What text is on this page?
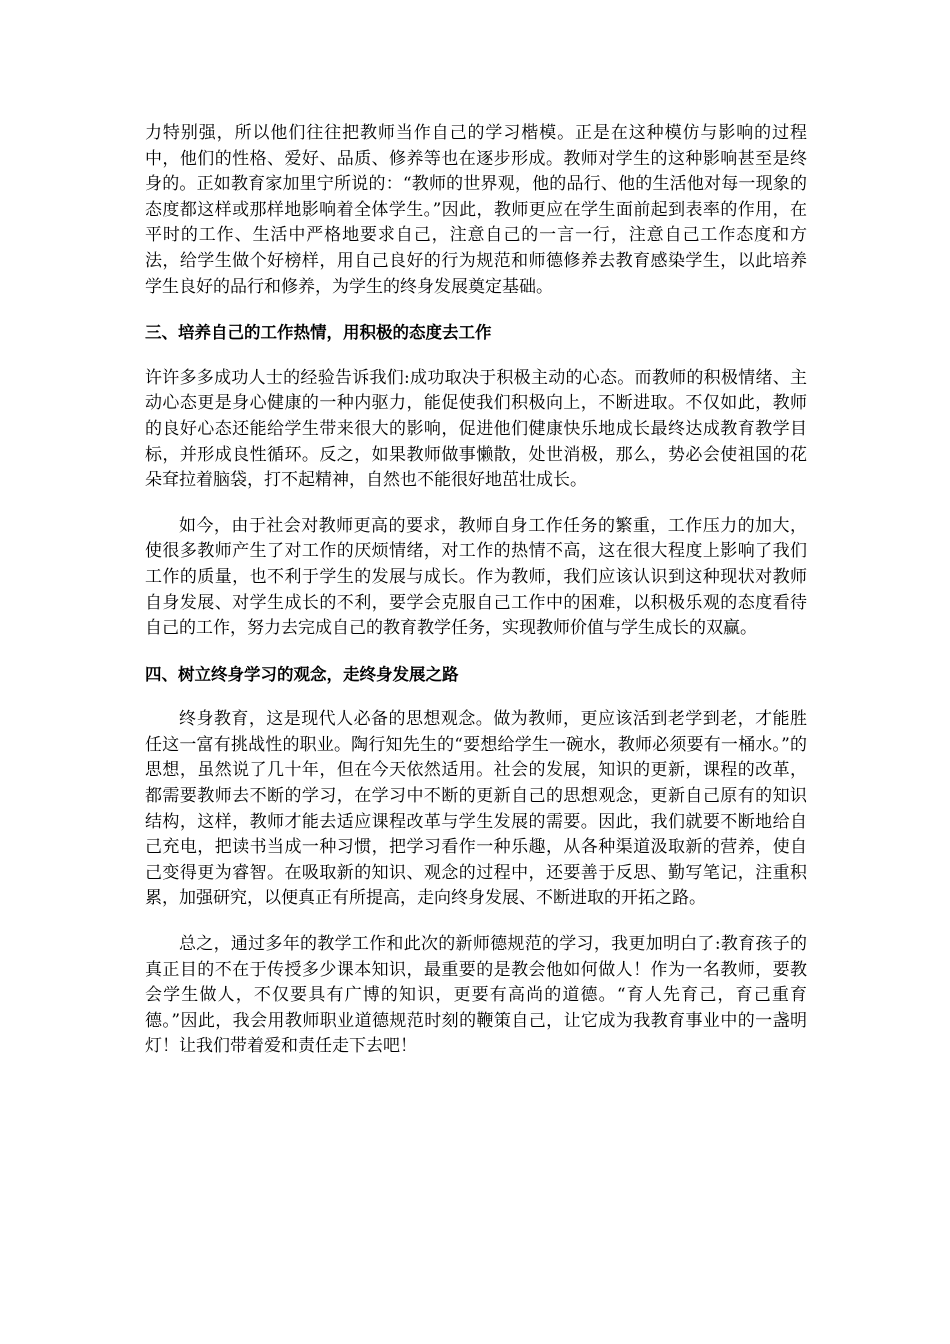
力特别强，所以他们往往把教师当作自己的学习楷模。正是在这种模仿与影响的过程中，他们的性格、爱好、品质、修养等也在逐步形成。教师对学生的这种影响甚至是终身的。正如教育家加里宁所说的：“教师的世界观，他的品行、他的生活他对每一现象的态度都这样或那样地影响着全体学生。”因此，教师更应在学生面前起到表率的作用，在平时的工作、生活中严格地要求自己，注意自己的一言一行，注意自己工作态度和方法，给学生做个好榜样，用自己良好的行为规范和师德修养去教育感染学生，以此培养学生良好的品行和修养，为学生的终身发展奠定基础。

三、培养自己的工作热情，用积极的态度去工作

许许多多成功人士的经验告诉我们:成功取决于积极主动的心态。而教师的积极情绪、主动心态更是身心健康的一种内驱力，能促使我们积极向上，不断进取。不仅如此，教师的良好心态还能给学生带来很大的影响，促进他们健康快乐地成长最终达成教育教学目标，并形成良性循环。反之，如果教师做事懒散，处世消极，那么，势必会使祖国的花朵耷拉着脑袋，打不起精神，自然也不能很好地茁壮成长。

如今，由于社会对教师更高的要求，教师自身工作任务的繁重，工作压力的加大，使很多教师产生了对工作的厌烦情绪，对工作的热情不高，这在很大程度上影响了我们工作的质量，也不利于学生的发展与成长。作为教师，我们应该认识到这种现状对教师自身发展、对学生成长的不利，要学会克服自己工作中的困难，以积极乐观的态度看待自己的工作，努力去完成自己的教育教学任务，实现教师价值与学生成长的双赢。

四、树立终身学习的观念，走终身发展之路

终身教育，这是现代人必备的思想观念。做为教师，更应该活到老学到老，才能胜任这一富有挑战性的职业。陶行知先生的“要想给学生一碗水，教师必须要有一桶水。”的思想，虽然说了几十年，但在今天依然适用。社会的发展，知识的更新，课程的改革，都需要教师去不断的学习，在学习中不断的更新自己的思想观念，更新自己原有的知识结构，这样，教师才能去适应课程改革与学生发展的需要。因此，我们就要不断地给自己充电，把读书当成一种习惯，把学习看作一种乐趣，从各种渠道汲取新的营养，使自己变得更为睿智。在吸取新的知识、观念的过程中，还要善于反思、勤写笔记，注重积累，加强研究，以便真正有所提高，走向终身发展、不断进取的开拓之路。

总之，通过多年的教学工作和此次的新师德规范的学习，我更加明白了:教育孩子的真正目的不在于传授多少课本知识，最重要的是教会他如何做人！作为一名教师，要教会学生做人，不仅要具有广博的知识，更要有高尚的道德。“育人先育己，育己重育德。”因此，我会用教师职业道德规范时刻的鞭策自己，让它成为我教育事业中的一盏明灯！让我们带着爱和责任走下去吧！
